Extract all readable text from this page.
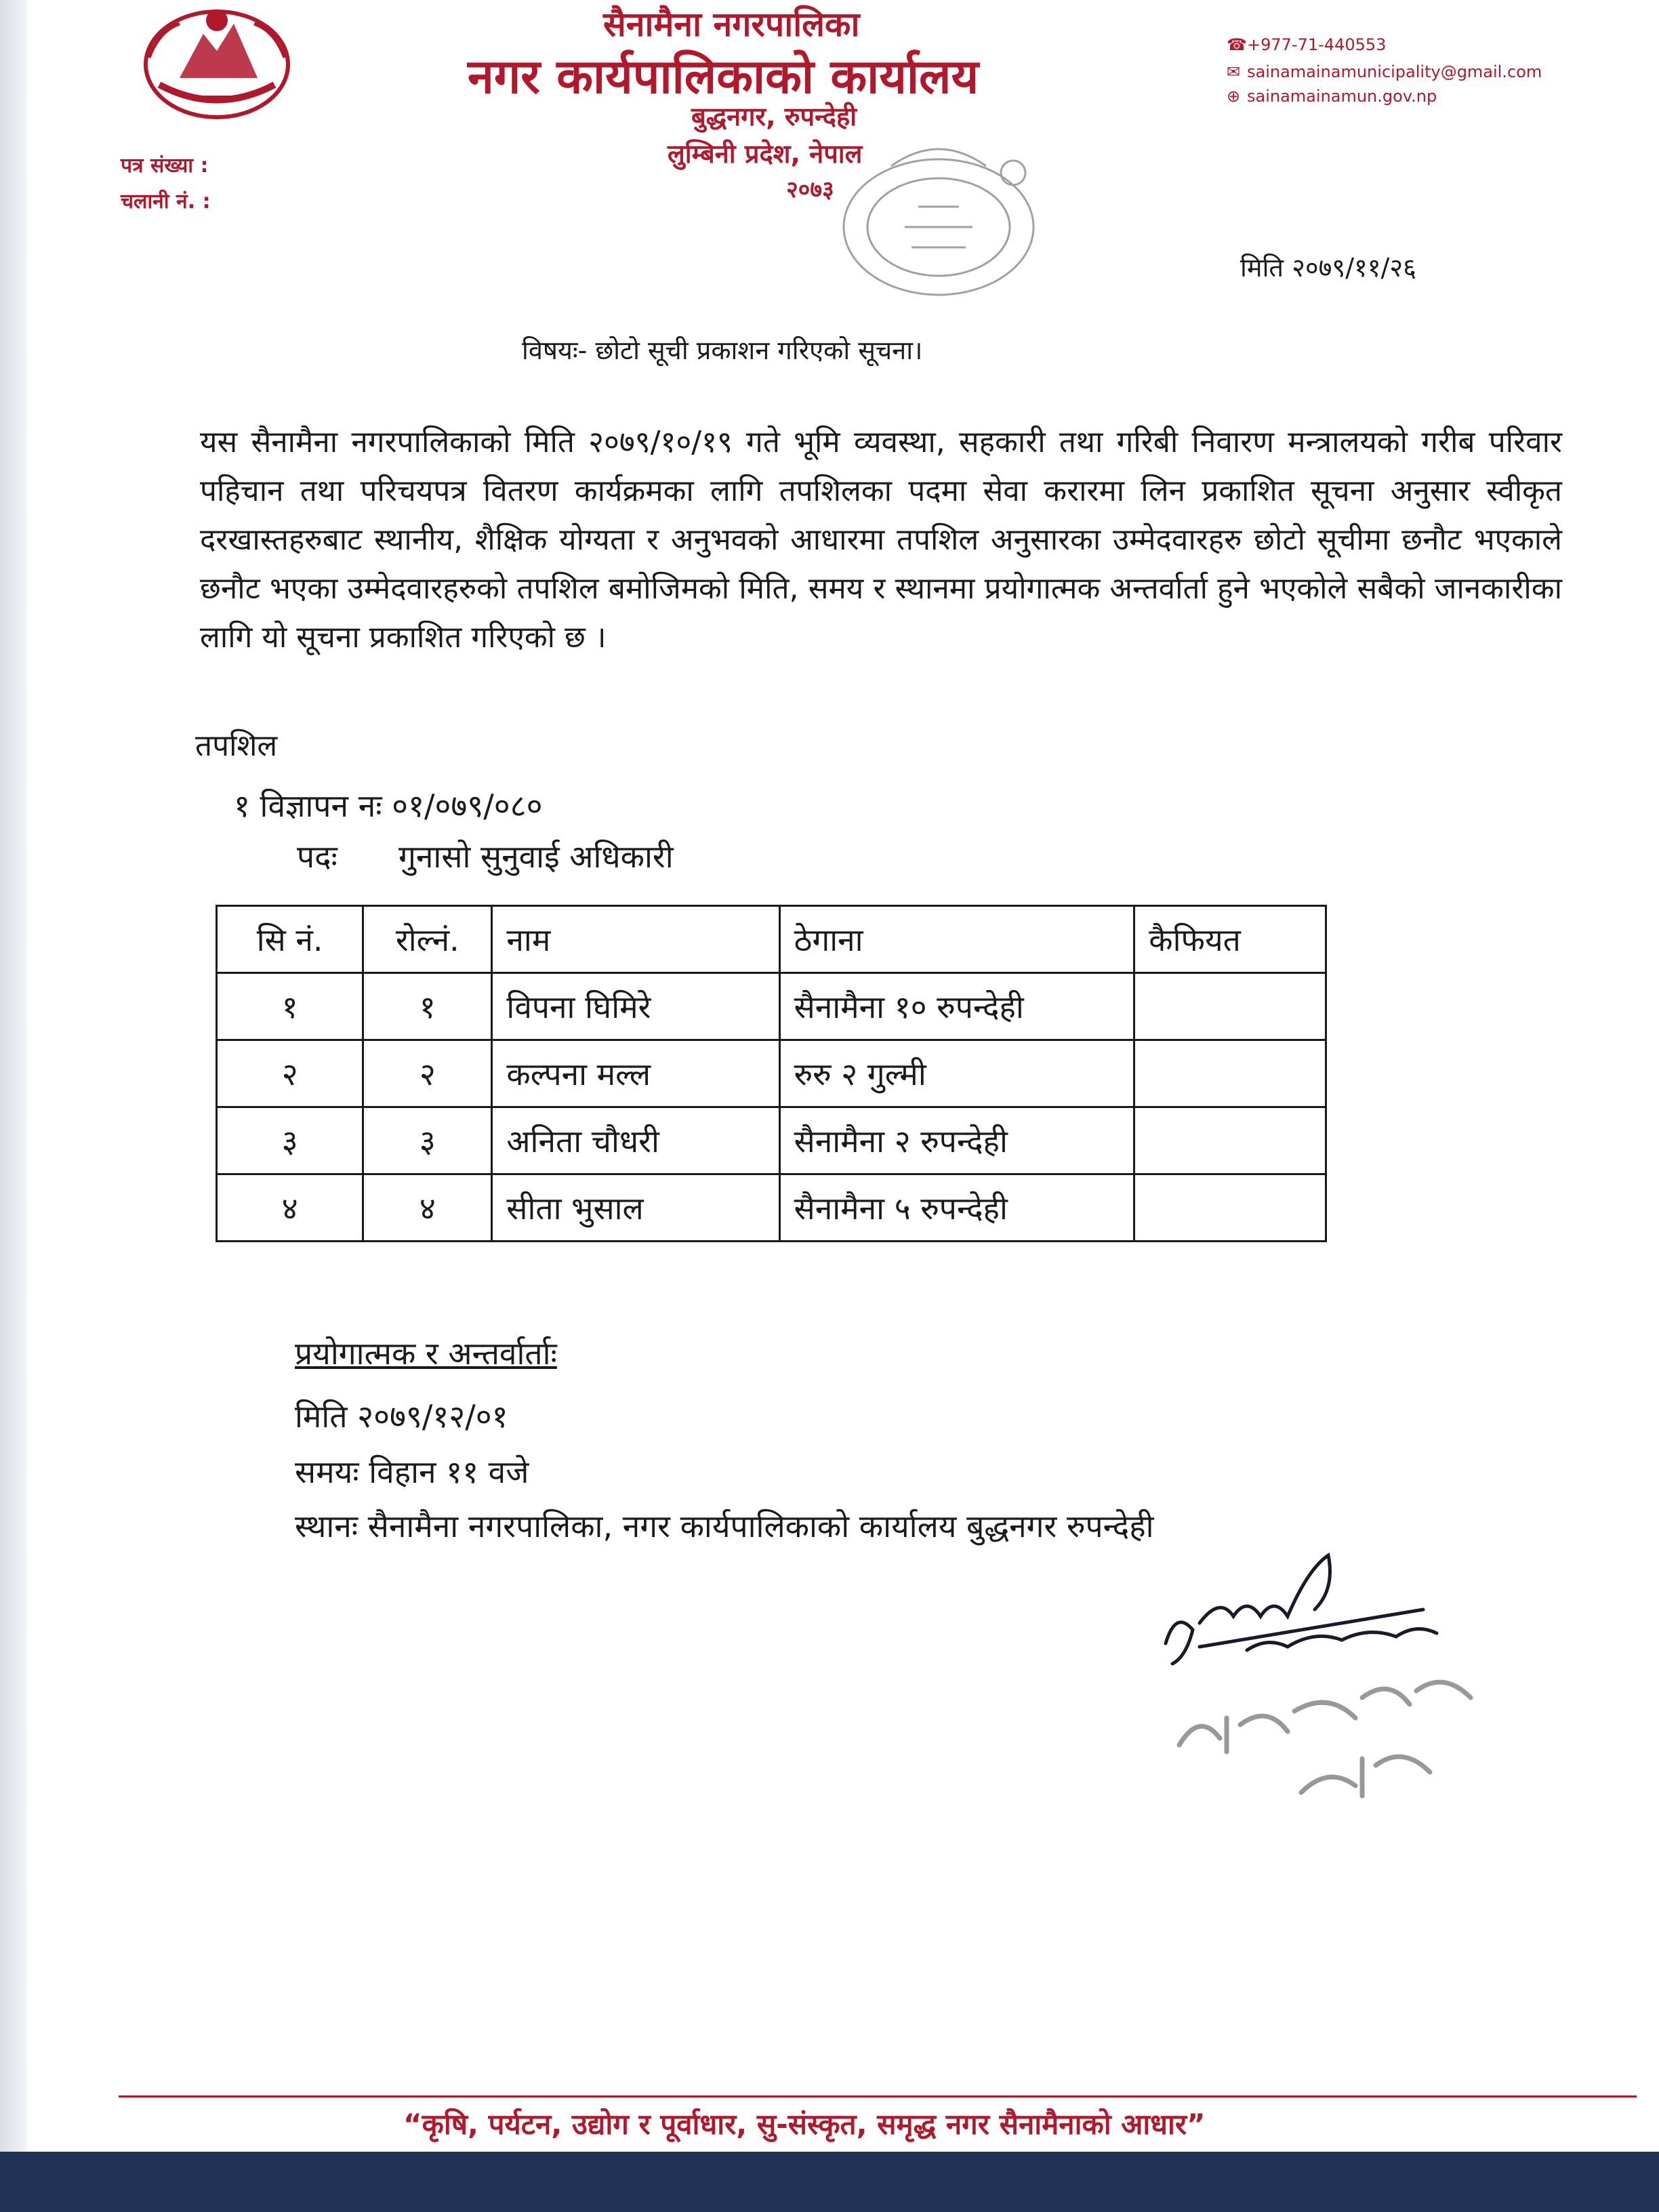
सैनामैना नगरपालिका
नगर कार्यपालिकाको कार्यालय
बुद्धनगर, रुपन्देही
लुम्बिनी प्रदेश, नेपाल
२०७३
☎+977-71-440553
✉ sainamainamunicipality@gmail.com
⊕ sainamainamun.gov.np
पत्र संख्या :
चलानी नं. :
मिति २०७९/११/२६
विषयः- छोटो सूची प्रकाशन गरिएको सूचना।
यस सैनामैना नगरपालिकाको मिति २०७९/१०/१९ गते भूमि व्यवस्था, सहकारी तथा गरिबी निवारण मन्त्रालयको गरीब परिवार पहिचान तथा परिचयपत्र वितरण कार्यक्रमका लागि तपशिलका पदमा सेवा करारमा लिन प्रकाशित सूचना अनुसार स्वीकृत दरखास्तहरुबाट स्थानीय, शैक्षिक योग्यता र अनुभवको आधारमा तपशिल अनुसारका उम्मेदवारहरु छोटो सूचीमा छनौट भएकाले छनौट भएका उम्मेदवारहरुको तपशिल बमोजिमको मिति, समय र स्थानमा प्रयोगात्मक अन्तर्वार्ता हुने भएकोले सबैको जानकारीका लागि यो सूचना प्रकाशित गरिएको छ ।
तपशिल
१ विज्ञापन नः ०१/०७९/०८०
पदः गुनासो सुनुवाई अधिकारी
सि नं.	रोल्नं.	नाम	ठेगाना	कैफियत
१	१	विपना घिमिरे	सैनामैना १० रुपन्देही	
२	२	कल्पना मल्ल	रुरु २ गुल्मी	
३	३	अनिता चौधरी	सैनामैना २ रुपन्देही	
४	४	सीता भुसाल	सैनामैना ५ रुपन्देही	
प्रयोगात्मक र अन्तर्वार्ताः
मिति २०७९/१२/०१
समयः विहान ११ वजे
स्थानः सैनामैना नगरपालिका, नगर कार्यपालिकाको कार्यालय बुद्धनगर रुपन्देही
“कृषि, पर्यटन, उद्योग र पूर्वाधार, सु-संस्कृत, समृद्ध नगर सैनामैनाको आधार”
